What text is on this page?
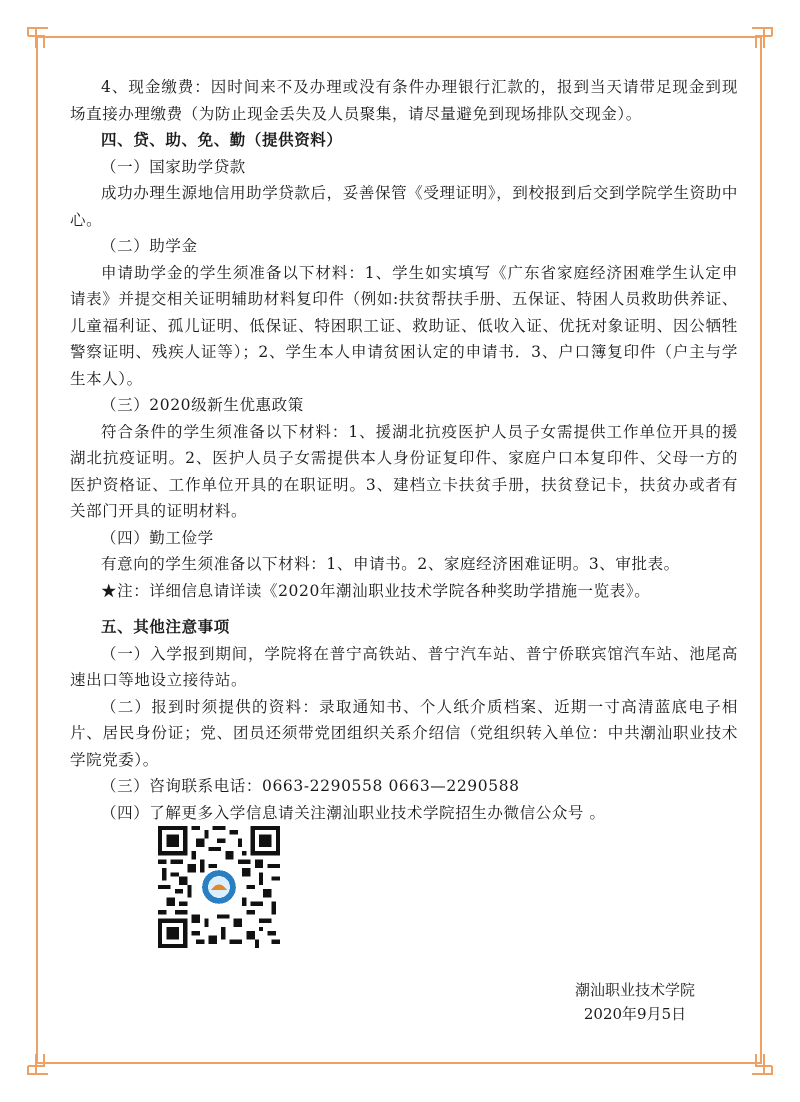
4、现金缴费：因时间来不及办理或没有条件办理银行汇款的，报到当天请带足现金到现场直接办理缴费（为防止现金丢失及人员聚集，请尽量避免到现场排队交现金）。

四、贷、助、免、勤（提供资料）

（一）国家助学贷款

成功办理生源地信用助学贷款后，妥善保管《受理证明》，到校报到后交到学院学生资助中心。

（二）助学金

申请助学金的学生须准备以下材料：1、学生如实填写《广东省家庭经济困难学生认定申请表》并提交相关证明辅助材料复印件（例如:扶贫帮扶手册、五保证、特困人员救助供养证、儿童福利证、孤儿证明、低保证、特困职工证、救助证、低收入证、优抚对象证明、因公牺牲警察证明、残疾人证等）；2、学生本人申请贫困认定的申请书．3、户口簿复印件（户主与学生本人）。

（三）2020级新生优惠政策

符合条件的学生须准备以下材料：1、援湖北抗疫医护人员子女需提供工作单位开具的援湖北抗疫证明。2、医护人员子女需提供本人身份证复印件、家庭户口本复印件、父母一方的医护资格证、工作单位开具的在职证明。3、建档立卡扶贫手册，扶贫登记卡，扶贫办或者有关部门开具的证明材料。

（四）勤工俭学

有意向的学生须准备以下材料：1、申请书。2、家庭经济困难证明。3、审批表。

★注：详细信息请详读《2020年潮汕职业技术学院各种奖助学措施一览表》。

五、其他注意事项

（一）入学报到期间，学院将在普宁高铁站、普宁汽车站、普宁侨联宾馆汽车站、池尾高速出口等地设立接待站。

（二）报到时须提供的资料：录取通知书、个人纸介质档案、近期一寸高清蓝底电子相片、居民身份证；党、团员还须带党团组织关系介绍信（党组织转入单位：中共潮汕职业技术学院党委）。

（三）咨询联系电话：0663-2290558 0663—2290588

（四）了解更多入学信息请关注潮汕职业技术学院招生办微信公众号 。

潮汕职业技术学院
2020年9月5日
